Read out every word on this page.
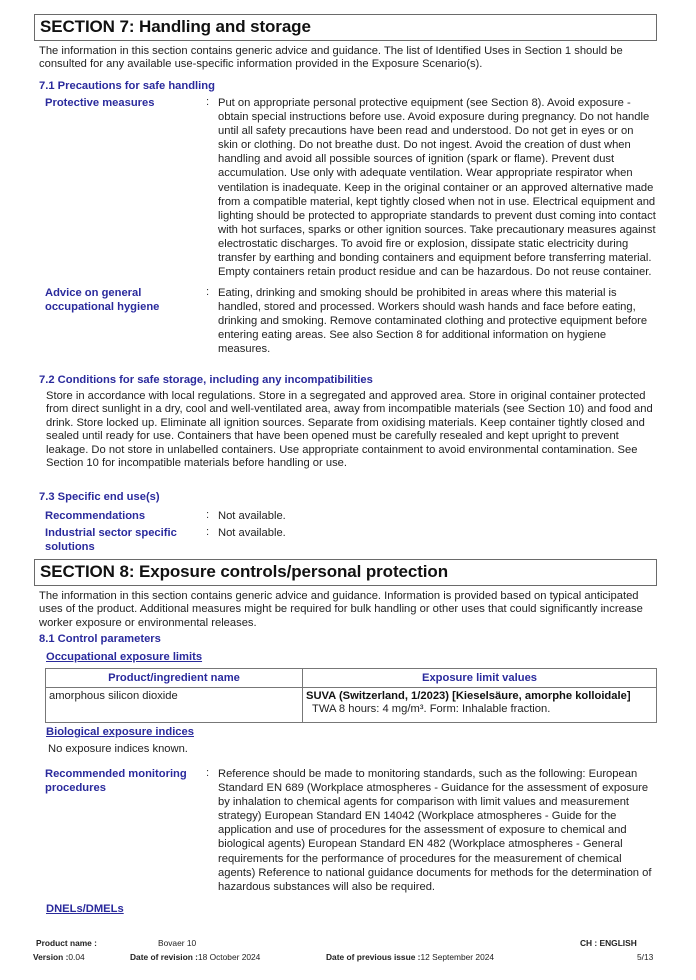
SECTION 7: Handling and storage
The information in this section contains generic advice and guidance. The list of Identified Uses in Section 1 should be consulted for any available use-specific information provided in the Exposure Scenario(s).
7.1 Precautions for safe handling
Protective measures	: Put on appropriate personal protective equipment (see Section 8). Avoid exposure - obtain special instructions before use. Avoid exposure during pregnancy. Do not handle until all safety precautions have been read and understood. Do not get in eyes or on skin or clothing. Do not breathe dust. Do not ingest. Avoid the creation of dust when handling and avoid all possible sources of ignition (spark or flame). Prevent dust accumulation. Use only with adequate ventilation. Wear appropriate respirator when ventilation is inadequate. Keep in the original container or an approved alternative made from a compatible material, kept tightly closed when not in use. Electrical equipment and lighting should be protected to appropriate standards to prevent dust coming into contact with hot surfaces, sparks or other ignition sources. Take precautionary measures against electrostatic discharges. To avoid fire or explosion, dissipate static electricity during transfer by earthing and bonding containers and equipment before transferring material. Empty containers retain product residue and can be hazardous. Do not reuse container.
Advice on general occupational hygiene
: Eating, drinking and smoking should be prohibited in areas where this material is handled, stored and processed. Workers should wash hands and face before eating, drinking and smoking. Remove contaminated clothing and protective equipment before entering eating areas. See also Section 8 for additional information on hygiene measures.
7.2 Conditions for safe storage, including any incompatibilities
Store in accordance with local regulations. Store in a segregated and approved area. Store in original container protected from direct sunlight in a dry, cool and well-ventilated area, away from incompatible materials (see Section 10) and food and drink. Store locked up. Eliminate all ignition sources. Separate from oxidising materials. Keep container tightly closed and sealed until ready for use. Containers that have been opened must be carefully resealed and kept upright to prevent leakage. Do not store in unlabelled containers. Use appropriate containment to avoid environmental contamination. See Section 10 for incompatible materials before handling or use.
7.3 Specific end use(s)
Recommendations	: Not available.
Industrial sector specific solutions
: Not available.
SECTION 8: Exposure controls/personal protection
The information in this section contains generic advice and guidance. Information is provided based on typical anticipated uses of the product. Additional measures might be required for bulk handling or other uses that could significantly increase worker exposure or environmental releases.
8.1 Control parameters
Occupational exposure limits
Product/ingredient name	Exposure limit values
amorphous silicon dioxide	SUVA (Switzerland, 1/2023) [Kieselsäure, amorphe kolloidale]
TWA 8 hours: 4 mg/m³. Form: Inhalable fraction.
Biological exposure indices
No exposure indices known.
Recommended monitoring procedures
: Reference should be made to monitoring standards, such as the following: European Standard EN 689 (Workplace atmospheres - Guidance for the assessment of exposure by inhalation to chemical agents for comparison with limit values and measurement strategy) European Standard EN 14042 (Workplace atmospheres - Guide for the application and use of procedures for the assessment of exposure to chemical and biological agents) European Standard EN 482 (Workplace atmospheres - General requirements for the performance of procedures for the measurement of chemical agents) Reference to national guidance documents for methods for the determination of hazardous substances will also be required.
DNELs/DMELs
Product name :	Bovaer 10	CH : ENGLISH
Version :0.04	Date of revision :18 October 2024	Date of previous issue :12 September 2024	5/13
